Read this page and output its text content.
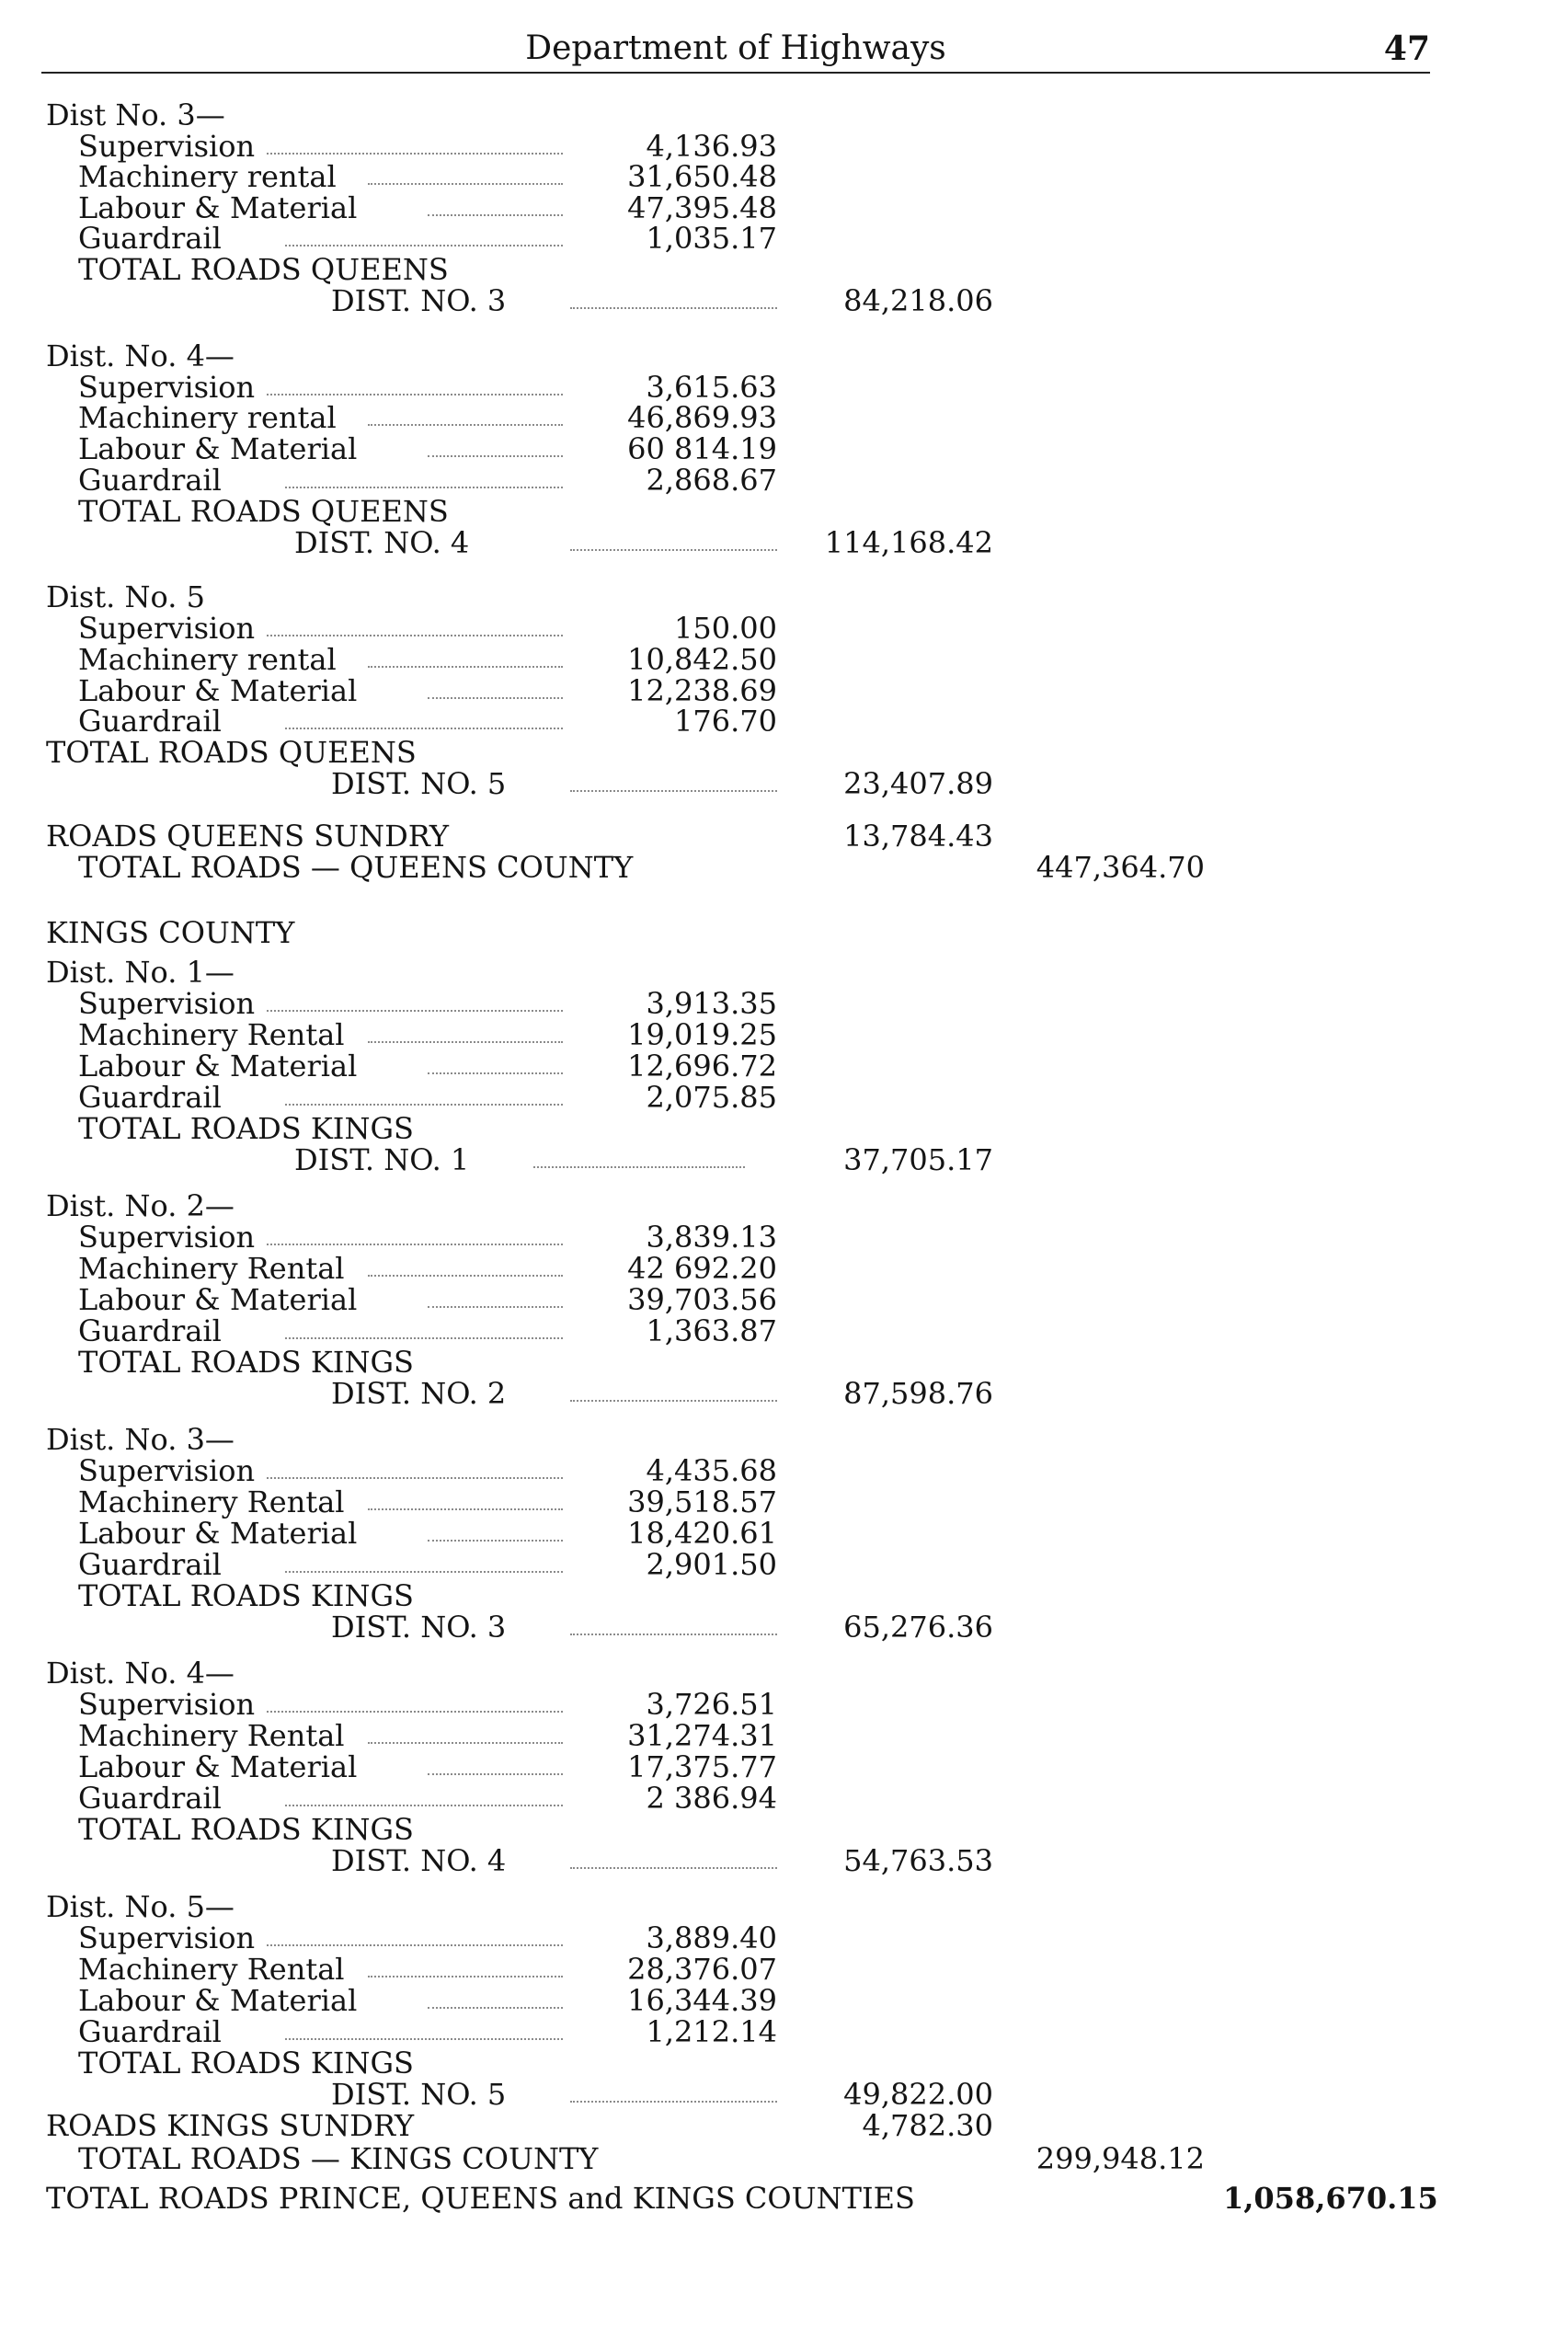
Department of Highways	47
Dist No. 3—
Supervision	4,136.93
Machinery rental	31,650.48
Labour & Material	47,395.48
Guardrail	1,035.17
TOTAL ROADS QUEENS
DIST. NO. 3	84,218.06
Dist. No. 4—
Supervision	3,615.63
Machinery rental	46,869.93
Labour & Material	60 814.19
Guardrail	2,868.67
TOTAL ROADS QUEENS
DIST. NO. 4	114,168.42
Dist. No. 5
Supervision	150.00
Machinery rental	10,842.50
Labour & Material	12,238.69
Guardrail	176.70
TOTAL ROADS QUEENS
DIST. NO. 5	23,407.89
ROADS QUEENS SUNDRY	13,784.43
TOTAL ROADS — QUEENS COUNTY	447,364.70
KINGS COUNTY
Dist. No. 1—
Supervision	3,913.35
Machinery Rental	19,019.25
Labour & Material	12,696.72
Guardrail	2,075.85
TOTAL ROADS KINGS
DIST. NO. 1	37,705.17
Dist. No. 2—
Supervision	3,839.13
Machinery Rental	42 692.20
Labour & Material	39,703.56
Guardrail	1,363.87
TOTAL ROADS KINGS
DIST. NO. 2	87,598.76
Dist. No. 3—
Supervision	4,435.68
Machinery Rental	39,518.57
Labour & Material	18,420.61
Guardrail	2,901.50
TOTAL ROADS KINGS
DIST. NO. 3	65,276.36
Dist. No. 4—
Supervision	3,726.51
Machinery Rental	31,274.31
Labour & Material	17,375.77
Guardrail	2 386.94
TOTAL ROADS KINGS
DIST. NO. 4	54,763.53
Dist. No. 5—
Supervision	3,889.40
Machinery Rental	28,376.07
Labour & Material	16,344.39
Guardrail	1,212.14
TOTAL ROADS KINGS
DIST. NO. 5	49,822.00
ROADS KINGS SUNDRY	4,782.30
TOTAL ROADS — KINGS COUNTY	299,948.12
TOTAL ROADS PRINCE, QUEENS and KINGS COUNTIES	1,058,670.15
